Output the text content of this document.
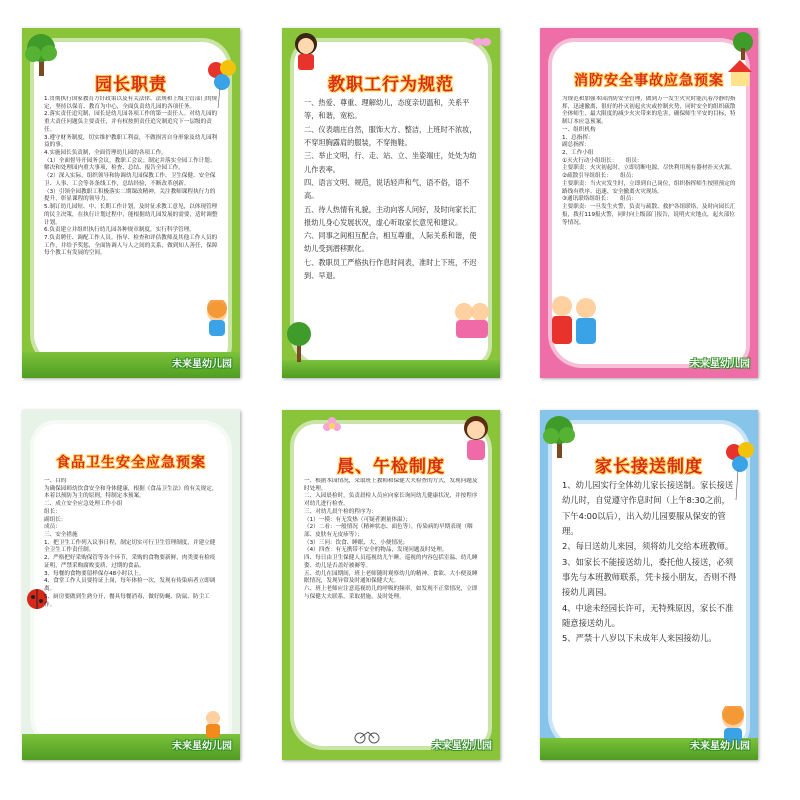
园长职责

1.贯彻执行国家教育方针政策以及有关法律、法规和上级主管部门的规定，坚持以保育、教育为中心，全面负责幼儿园的各项任务。

2.落实责任追究制，园长是幼儿园各项工作的第一责任人。对幼儿园的重大责任问题负主要责任，并有权按照责任追究制追究下一层级的责任。

3.遵守财务制度，切实维护教职工利益，不做损害自身形象及幼儿园利益的事。

4.实施园长负责制，全面管理幼儿园的各项工作。

（1）全面督导开园务会议，教职工会议；制定并落实全园工作计划；解决和处理园内重大事项，检查、总结、报告全园工作。

（2）深入实际，组织领导和协调幼儿园保教工作、卫生保健、安全保卫、人事、工会等各条线工作，总结经验，不断改革创新。

（3）引领全园教职工积极落实二期课改精神，关注教师课程执行力的提升，彰显课程的领导力。

5.制订幼儿园短、中、长期工作计划，及时征求教工意见，以体现管理的民主决策，在执行计划过程中，能根据幼儿园发展的需要，适时调整计划。

6.负责建立并组织执行幼儿园各种规章制度，实行科学管理。

7.负责聘任、调配工作人员。指导、检查和评估教师及其他工作人员的工作，并给予奖惩，全面协调人与人之间的关系，做到知人善任，保障每个教工有发展的空间。

未来星幼儿园
教职工行为规范

一、热爱、尊重、理解幼儿，态度亲切温和，关系平等，和谐，宽松。

二、仪表端庄自然，服饰大方、整洁，上班时不浓妆，不穿坦胸露肩的服装，不穿拖鞋。

三、举止文明，行、走、站、立、坐姿端庄，处处为幼儿作表率。

四、语言文明、规范，说话轻声和气，语不俗，语不高。

五、待人热情有礼貌，主动向客人问好，及时向家长汇报幼儿身心发展状况，虚心听取家长意见和建议。

六、同事之间相互配合，相互尊重，人际关系和谐，使幼儿受到潜移默化。

七、教职员工严格执行作息时间表，准时上下班，不迟到、早退。

消防安全事故应急预案

为规范和加强本园消防安全管理，做到万一发生火灾时能沉着冷静的指挥，迅速撤离，很好的扑灭初起火灾或控制火势，同时安全的组织疏散全体师生，最大限度的减少火灾带来的危害，确保师生平安的目标，特制订本应急预案。

一、组织机构

1、总指挥：

副总指挥：

2、工作小组

①灭火行动小组组长：　　组员：

主要职责：火灾初起时，立即切断电源，尽快利用现有器材扑灭火源。

②疏散引导组组长：　　组员：

主要职责：当火灾发生时，立即到自己岗位，组织指挥师生按照预定的路线有秩序、迅速、安全撤离火灾现场。

③通讯联络组组长：　　组员：

主要职责：一旦发生火警，负责与疏散、救护各组联络，及时向园长汇报，拨打119报火警，同时向上级部门报告，说明火灾地点，起火部位等情况。

未来星幼儿园
食品卫生安全应急预案

一、目的

为确保园师幼饮食安全和身体健康，根据《食品卫生法》的有关规定，本着以预防为主的原则，特制定本预案。

二、成立安全应急处理工作小组

组长：

副组长：

成员：

三、安全措施

1、把卫生工作列入议事日程，制定切实可行卫生管理制度，并建立健全卫生工作责任制。

2、严格把好采购保管等各个环节，采购的食物要新鲜，肉类要有检疫证明，严禁采购腐败变质、过期的食品。

3、每餐的食物要留样保存48小时以上。

4、食堂工作人员要持证上岗，每年体检一次，发现有传染病者立即调离。

5、厨房要做到生熟分开，餐具每餐消毒，做好防蝇、防鼠、防尘工作。

未来星幼儿园
晨、午检制度

一、根据本园情况，采取班上教师和保健大夫检查的方式，发现问题及时处理。

二、入园晨检时，负责晨检人员应向家长询问幼儿健康状况，并按程序对幼儿进行检查。

三、对幼儿晨午检的程序为：

（1）一摸：有无发热（可疑者测量体温）；

（2）二看：一般情况（精神状态、面色等），传染病的早期表现（咽部、皮肤有无皮疹等）；

（3）三问：饮食、睡眠、大、小便情况；

（4）四查：有无携带不安全的物品，发现问题及时处理。

四、每日由卫生保健人员巡视幼儿午睡，巡视的内容包括室温、幼儿睡姿、幼儿是否盖好被褥等。

五、幼儿在园期间，班上老师随时观察幼儿的精神、食欲、大小便及睡眠情况，发现异常及时通知保健大夫。

六、班上老师应注意巡视幼儿的呼吸的频率，如发现不正常情况，立即与保健大夫联系，采取措施，及时处理。

未来星幼儿园
家长接送制度

1、幼儿园实行全体幼儿家长接送制。家长接送幼儿时，自觉遵守作息时间（上午8:30之前，下午4:00以后），出入幼儿园要服从保安的管理。

2、每日送幼儿来园，须将幼儿交给本班教师。

3、如家长不能接送幼儿，委托他人接送，必须事先与本班教师联系，凭卡接小朋友，否则不得接幼儿离园。

4、中途未经园长许可，无特殊原因，家长不准随意接送幼儿。

5、严禁十八岁以下未成年人来园接幼儿。

未来星幼儿园
